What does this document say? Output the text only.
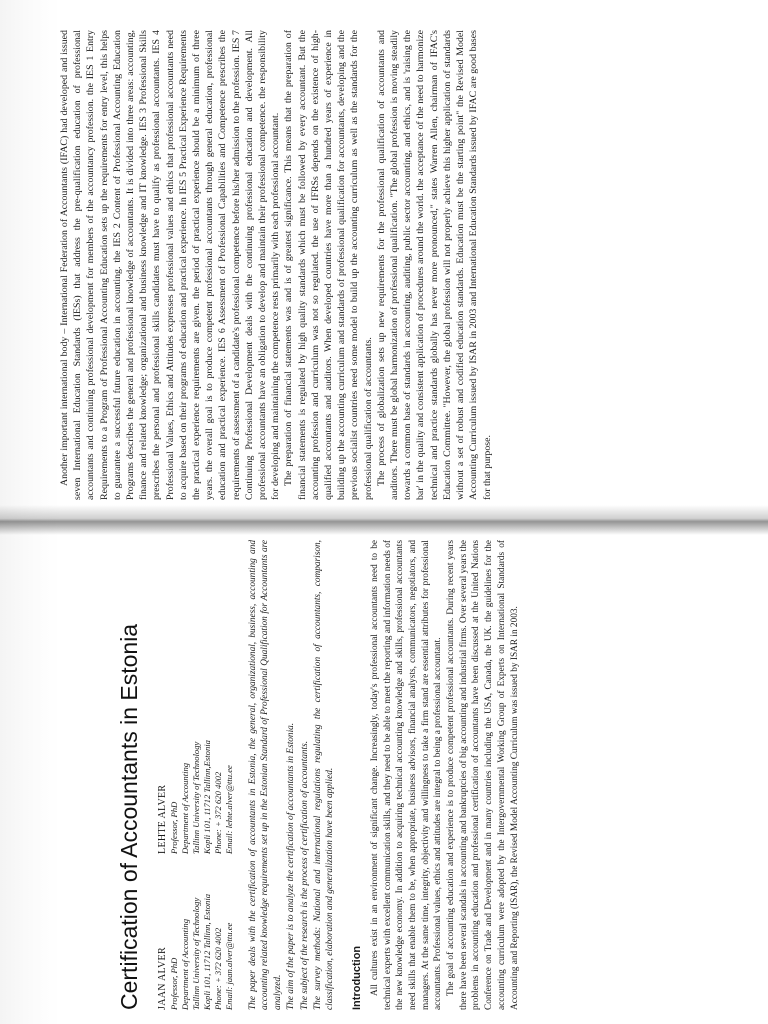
Certification of Accountants in Estonia JAAN ALVER Professor, PhD Department of Accounting Tallinn University of Technology Kopli 101, 11712 Tallinn, Estonia Phone: + 372 620 4002 Email: jaan.alver@ttu.ee
LEHTE ALVER Professor, PhD Department of Accounting Tallinn University of Technology Kopli 101, 11712 Tallinn,Estonia Phone: + 372 620 4002 Email: lehte.alver@ttu.ee The paper deals with the certification of accountants in Estonia, the general, organizational, business, accounting and accounting related knowledge requirements set up in the Estonian Standard of Professional Qualification for Accountants are analyzed. The aim of the paper is to analyze the certification of accountants in Estonia. The subject of the research is the process of certification of accountants. The survey methods: National and international regulations regulating the certification of accountants, comparison, classification, elaboration and generalization have been applied. Introduction All cultures exist in an environment of significant change. Increasingly, today's professional accountants need to be technical experts with excellent communication skills, and they need to be able to meet the reporting and information needs of the new knowledge economy. In addition to acquiring technical accounting knowledge and skills, professional accountants need skills that enable them to be, when appropriate, business advisors, financial analysts, communicators, negotiators, and managers. At the same time, integrity, objectivity and willingness to take a firm stand are essential attributes for professional accountants. Professional values, ethics and attitudes are integral to being a professional accountant. The goal of accounting education and experience is to produce competent professional accountants. During recent years there have been several scandals in accounting and bankruptcies of big accounting and industrial firms. Over several years the problems in accounting education and professional certification of accountants have been discussed at the United Nations Conference on Trade and Development and in many countries including the USA, Canada, the UK. the guidelines for the accounting curriculum were adopted by the Intergovernmental Working Group of Experts on International Standards of Accounting and Reporting (ISAR), the Revised Model Accounting Curriculum was issued by ISAR in 2003.

Another important international body – International Federation of Accountants (IFAC) had developed and issued seven International Education Standards (IESs) that address the pre-qualification education of professional accountants and continuing professional development for members of the accountancy profession. the IES 1 Entry Requirements to a Program of Professional Accounting Education sets up the requirements for entry level, this helps to guarantee a successful future education in accounting. the IES 2 Content of Professional Accounting Education Programs describes the general and professional knowledge of accountants. It is divided into three areas: accounting, finance and related knowledge; organizational and business knowledge and IT knowledge. IES 3 Professional Skills prescribes the personal and professional skills candidates must have to qualify as professional accountants. IES 4 Professional Values, Ethics and Attitudes expresses professional values and ethics that professional accountants need to acquire based on their programs of education and practical experience. In IES 5 Practical Experience Requirements the practical experience requirements are given. the period of practical experience should be a minimum of three years. the overall goal is to produce competent professional accountants through general education, professional education and practical experience. IES 6 Assessment of Professional Capabilities and Competence prescribes the requirements of assessment of a candidate's professional competence before his/her admission to the profession. IES 7 Continuing Professional Development deals with the continuing professional education and development. All professional accountants have an obligation to develop and maintain their professional competence. the responsibility for developing and maintaining the competence rests primarily with each professional accountant. The preparation of financial statements was and is of greatest significance. This means that the preparation of financial statements is regulated by high quality standards which must be followed by every accountant. But the accounting profession and curriculum was not so regulated. the use of IFRSs depends on the existence of high-qualified accountants and auditors. When developed countries have more than a hundred years of experience in building up the accounting curriculum and standards of professional qualification for accountants, developing and the previous socialist countries need some model to build up the accounting curriculum as well as the standards for the professional qualification of accountants. The process of globalization sets up new requirements for the professional qualification of accountants and auditors. There must be global harmonization of professional qualification. "The global profession is moving steadily towards a common base of standards in accounting, auditing, public sector accounting, and ethics, and is 'raising the bar' in the quality and consistent application of procedures around the world. the acceptance of the need to harmonize technical and practice standards globally has never more pronounced," states Warren Allen, chairman of IFAC's Education Committee. "However, the global profession will not properly achieve this higher application of standards without a set of robust and codified education standards. Education must be the starting point" the Revised Model Accounting Curriculum issued by ISAR in 2003 and International Education Standards issued by IFAC are good bases for that purpose.
